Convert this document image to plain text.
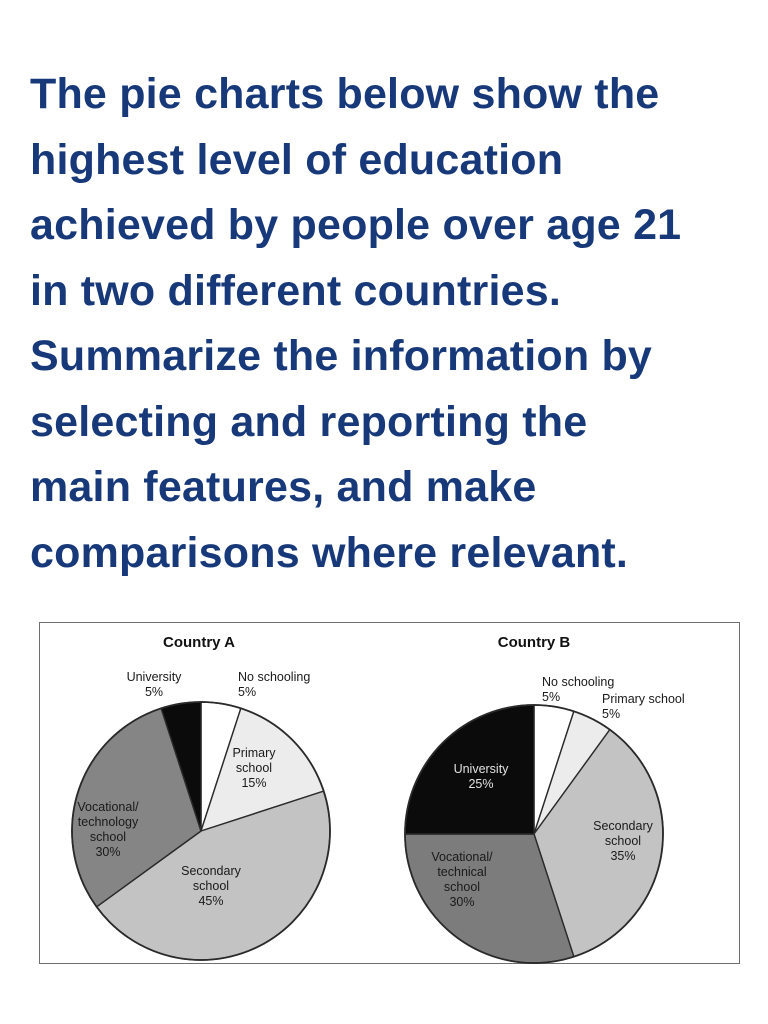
The pie charts below show the
highest level of education
achieved by people over age 21
in two different countries.
Summarize the information by
selecting and reporting the
main features, and make
comparisons where relevant.
Country A
No schooling 5%
Primary school 15%
Secondary school 45%
Vocational/ technology school 30%
University 5%
Country B
No schooling 5%	Primary school 5%
Secondary school 35%
Vocational/ technical school 30%
University 25%
